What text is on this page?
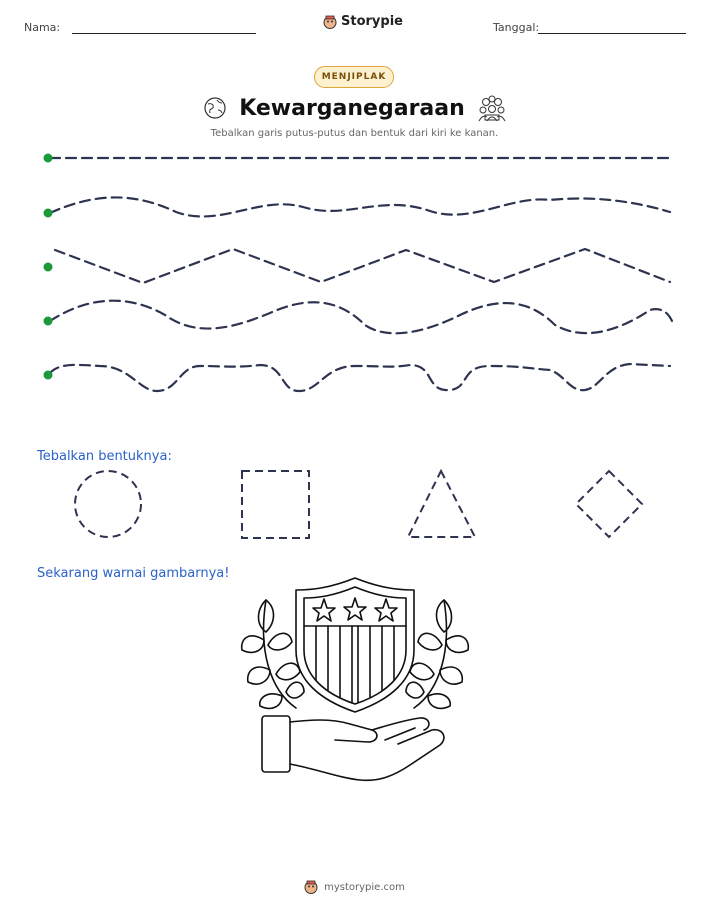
Nama:	Storypie	Tanggal:
MENJIPLAK
Kewarganegaraan
Tebalkan garis putus-putus dan bentuk dari kiri ke kanan.
Tebalkan bentuknya:
Sekarang warnai gambarnya!
mystorypie.com
